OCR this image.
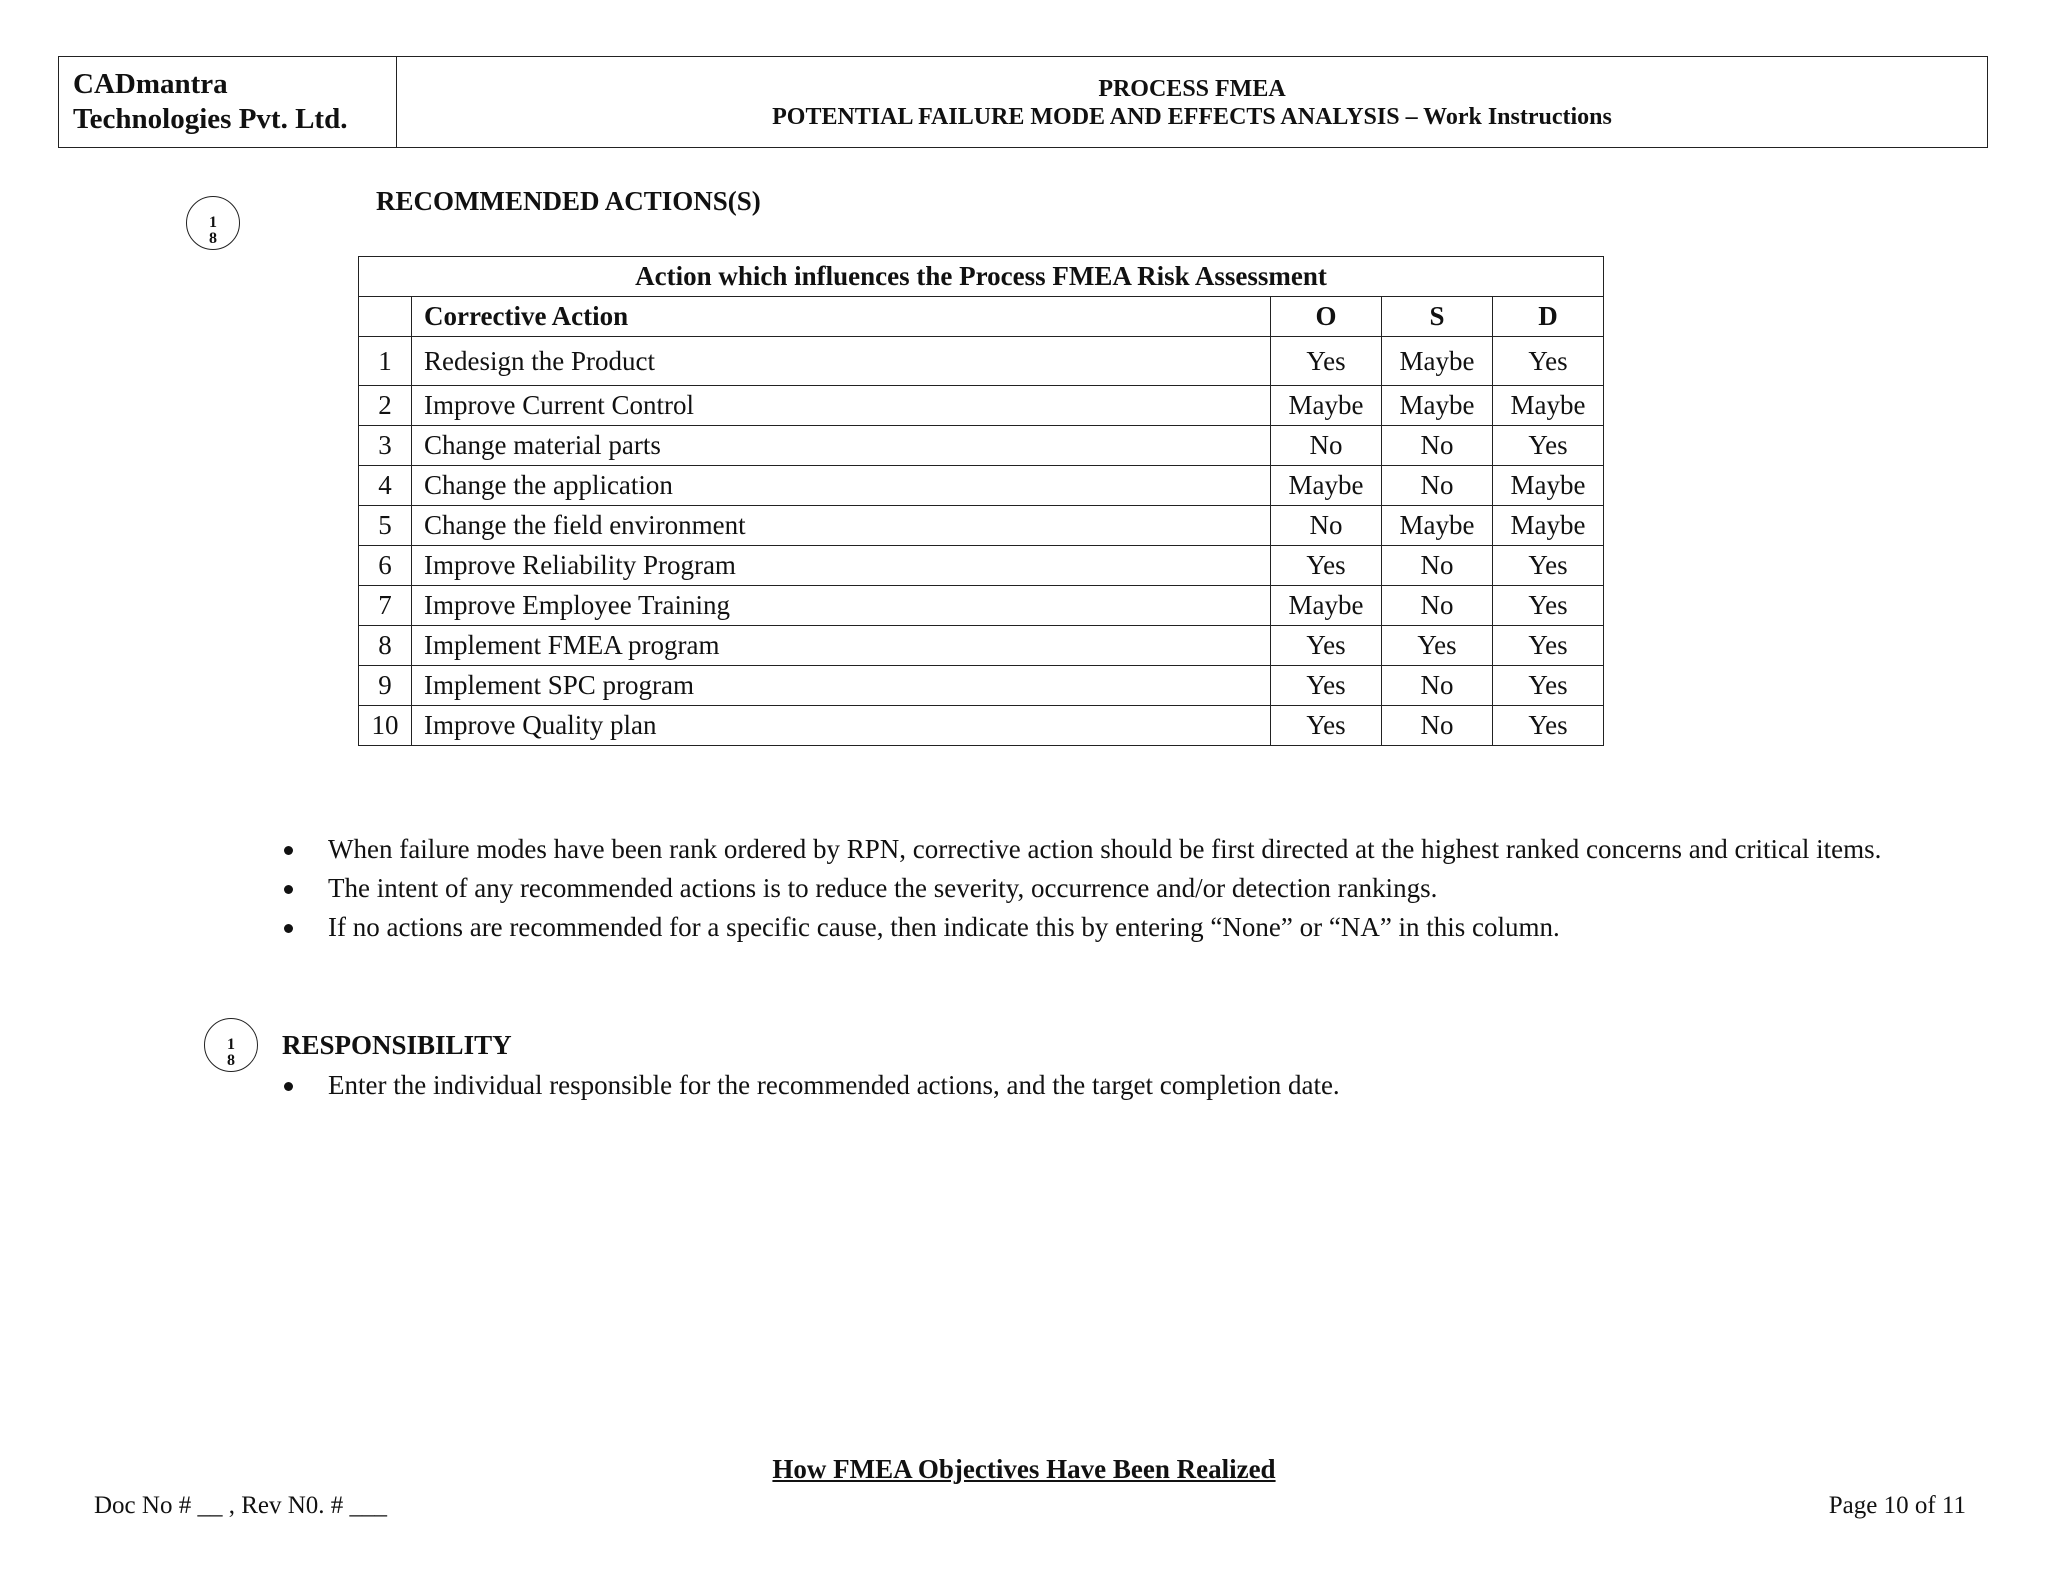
CADmantra
Technologies Pvt. Ltd.
PROCESS FMEA
POTENTIAL FAILURE MODE AND EFFECTS ANALYSIS – Work Instructions
1
8
RECOMMENDED ACTIONS(S)
Action which influences the Process FMEA Risk Assessment				
	Corrective Action	O	S	D
1	Redesign the Product	Yes	Maybe	Yes
2	Improve Current Control	Maybe	Maybe	Maybe
3	Change material parts	No	No	Yes
4	Change the application	Maybe	No	Maybe
5	Change the field environment	No	Maybe	Maybe
6	Improve Reliability Program	Yes	No	Yes
7	Improve Employee Training	Maybe	No	Yes
8	Implement FMEA program	Yes	Yes	Yes
9	Implement SPC program	Yes	No	Yes
10	Improve Quality plan	Yes	No	Yes
When failure modes have been rank ordered by RPN, corrective action should be first directed at the highest ranked concerns and critical items.
The intent of any recommended actions is to reduce the severity, occurrence and/or detection rankings.
If no actions are recommended for a specific cause, then indicate this by entering “None” or “NA” in this column.
1
8
RESPONSIBILITY
Enter the individual responsible for the recommended actions, and the target completion date.
How FMEA Objectives Have Been Realized
Doc No # __ , Rev N0. # ___	Page 10 of 11
